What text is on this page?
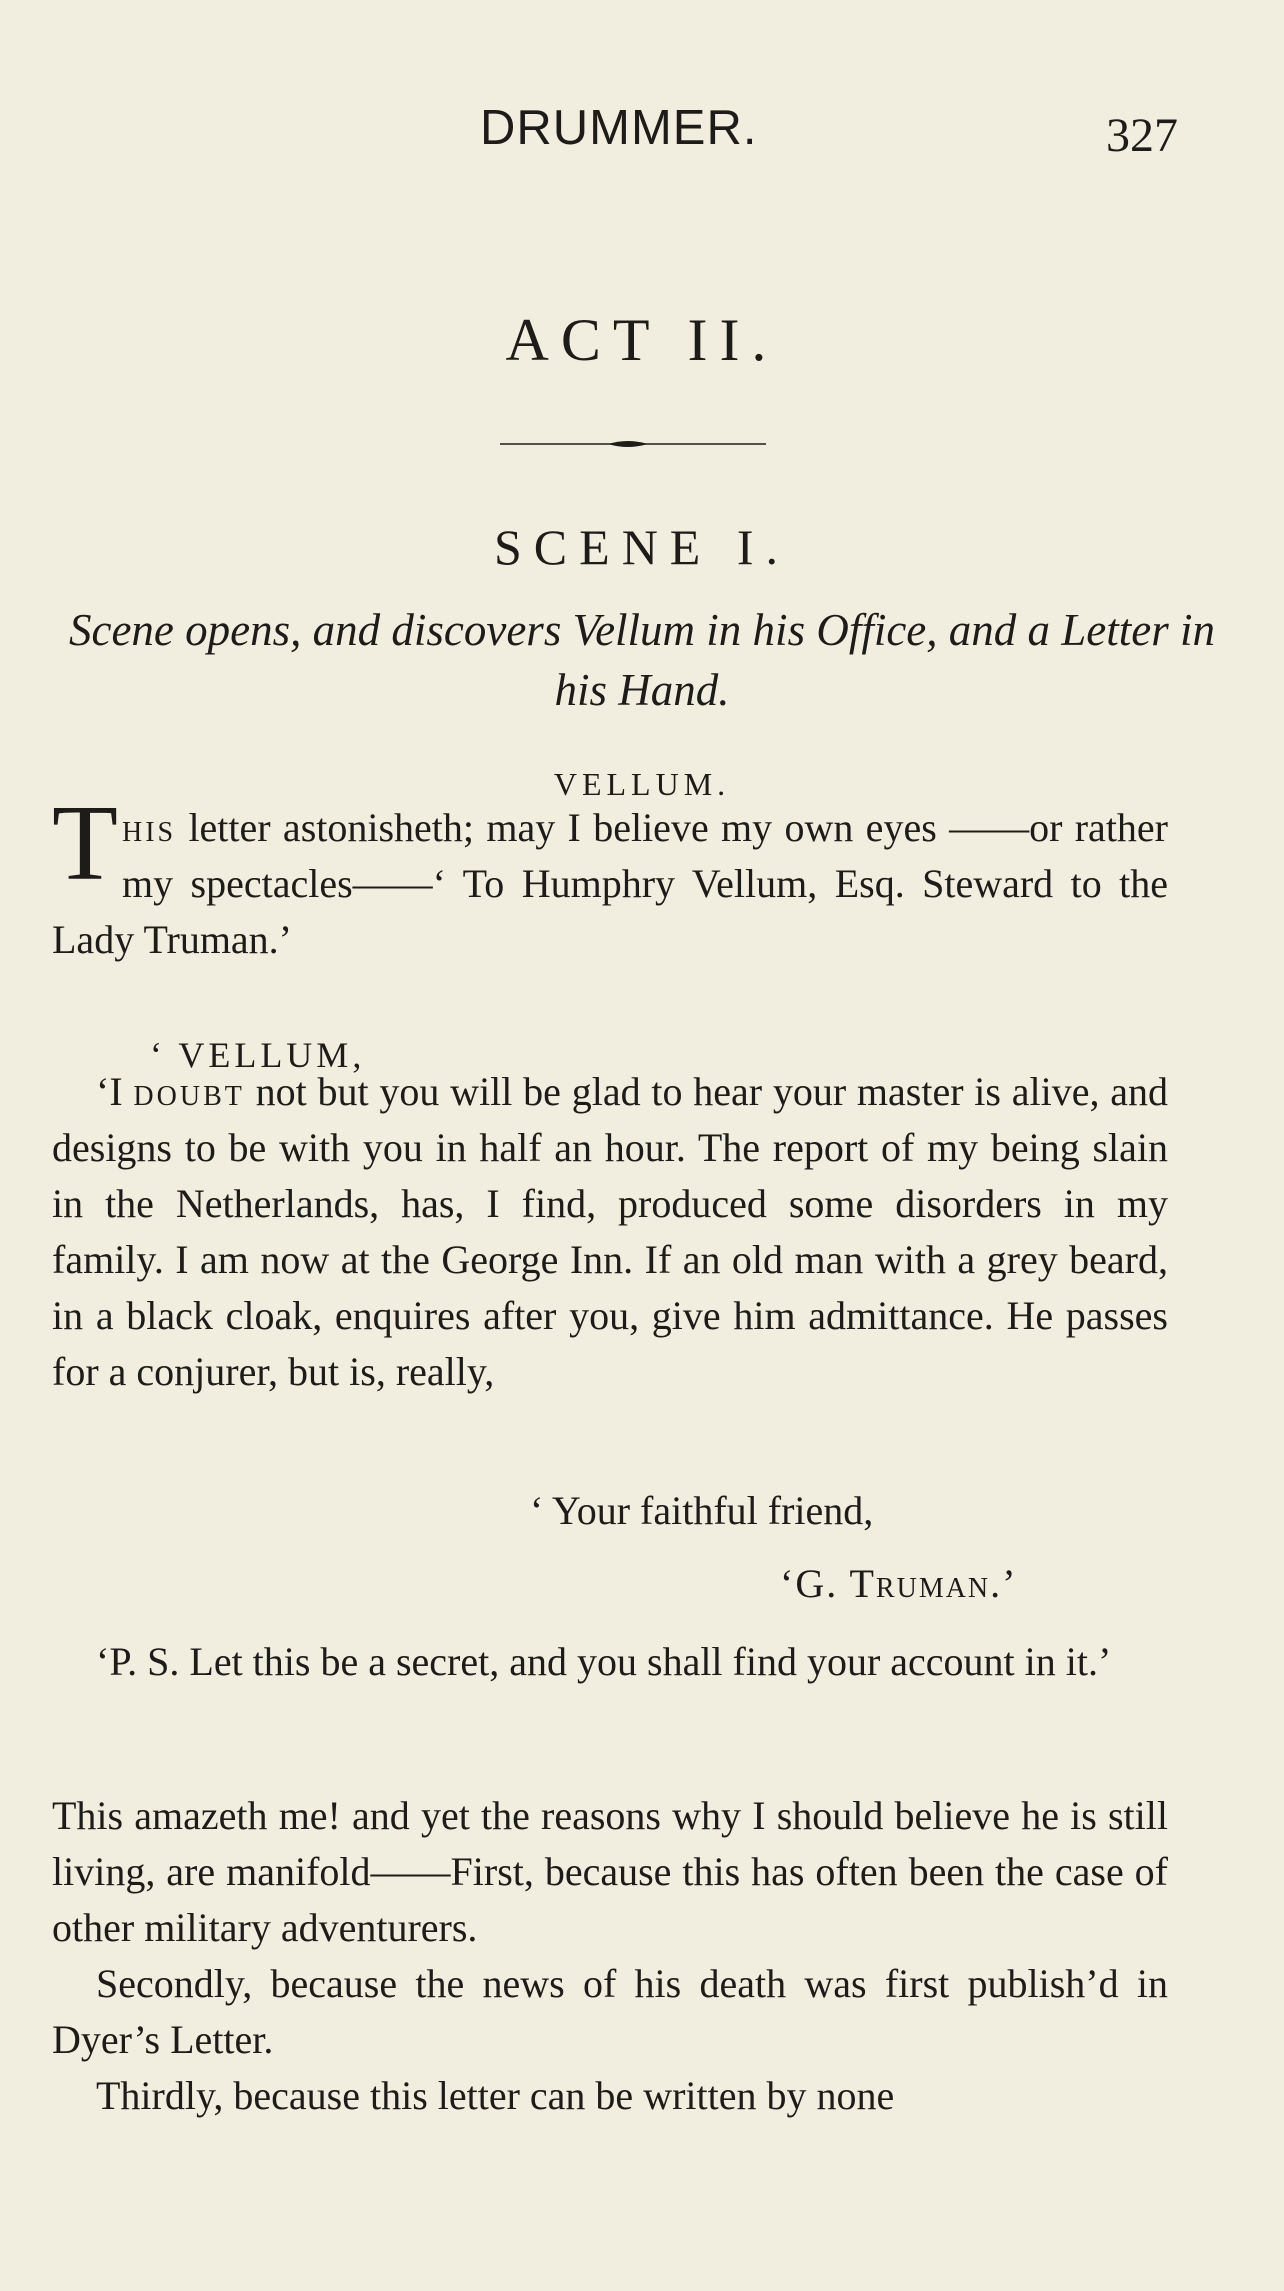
DRUMMER.	327
ACT II.
SCENE I.
Scene opens, and discovers Vellum in his Office, and a Letter in his Hand.
VELLUM.

This letter astonisheth; may I believe my own eyes ——or rather my spectacles——‘ To Humphry Vellum, Esq. Steward to the Lady Truman.’

‘ VELLUM,

‘I doubt not but you will be glad to hear your master is alive, and designs to be with you in half an hour. The report of my being slain in the Netherlands, has, I find, produced some disorders in my family. I am now at the George Inn. If an old man with a grey beard, in a black cloak, enquires after you, give him admittance. He passes for a conjurer, but is, really,

‘ Your faithful friend,
‘G. Truman.’

‘P. S. Let this be a secret, and you shall find your account in it.’

This amazeth me! and yet the reasons why I should believe he is still living, are manifold——First, because this has often been the case of other military adventurers.

Secondly, because the news of his death was first publish’d in Dyer’s Letter.

Thirdly, because this letter can be written by none
